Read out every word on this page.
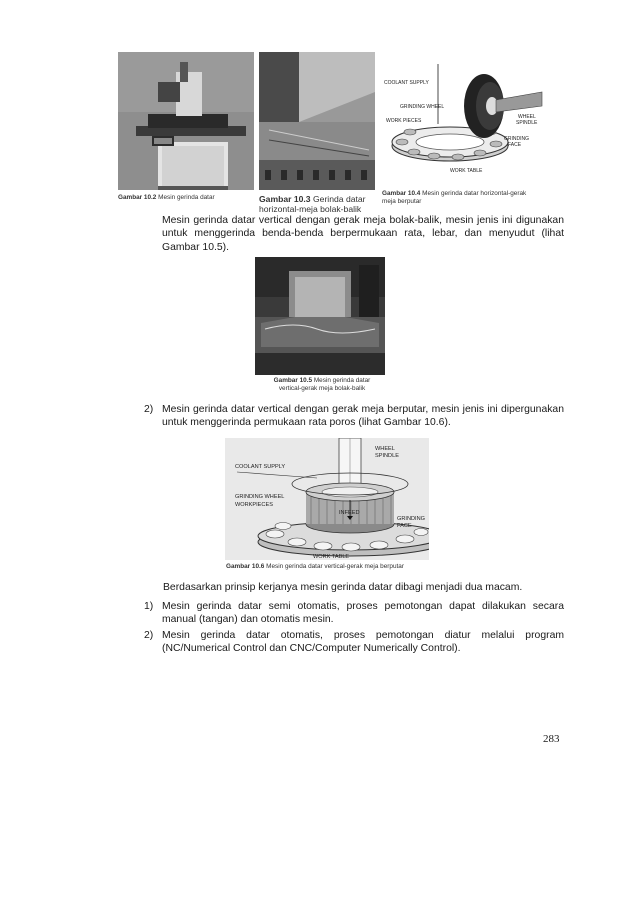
Gambar 10.2 Mesin gerinda datar	Gambar 10.3 Gerinda datar
horizontal-meja bolak-balik
COOLANT SUPPLY
GRINDING WHEEL
WORK PIECES
WHEEL
SPINDLE
GRINDING
FACE
WORK TABLE
Gambar 10.4 Mesin gerinda datar horizontal-gerak
meja berputar
Mesin gerinda datar vertical dengan gerak meja bolak-balik, mesin jenis ini digunakan untuk menggerinda benda-benda berpermukaan rata, lebar, dan menyudut (lihat Gambar 10.5).
Gambar 10.5 Mesin gerinda datar
vertical-gerak meja bolak-balik
2) Mesin gerinda datar vertical dengan gerak meja berputar, mesin jenis ini dipergunakan untuk menggerinda permukaan rata poros (lihat Gambar 10.6).
COOLANT SUPPLY
WHEEL
SPINDLE
GRINDING WHEEL
WORKPIECES
INFEED
GRINDING
FACE
WORK TABLE
Gambar 10.6 Mesin gerinda datar vertical-gerak meja berputar
Berdasarkan prinsip kerjanya mesin gerinda datar dibagi menjadi dua macam.
1) Mesin gerinda datar semi otomatis, proses pemotongan dapat dilakukan secara manual (tangan) dan otomatis mesin.
2) Mesin gerinda datar otomatis, proses pemotongan diatur melalui program (NC/Numerical Control dan CNC/Computer Numerically Control).
283
